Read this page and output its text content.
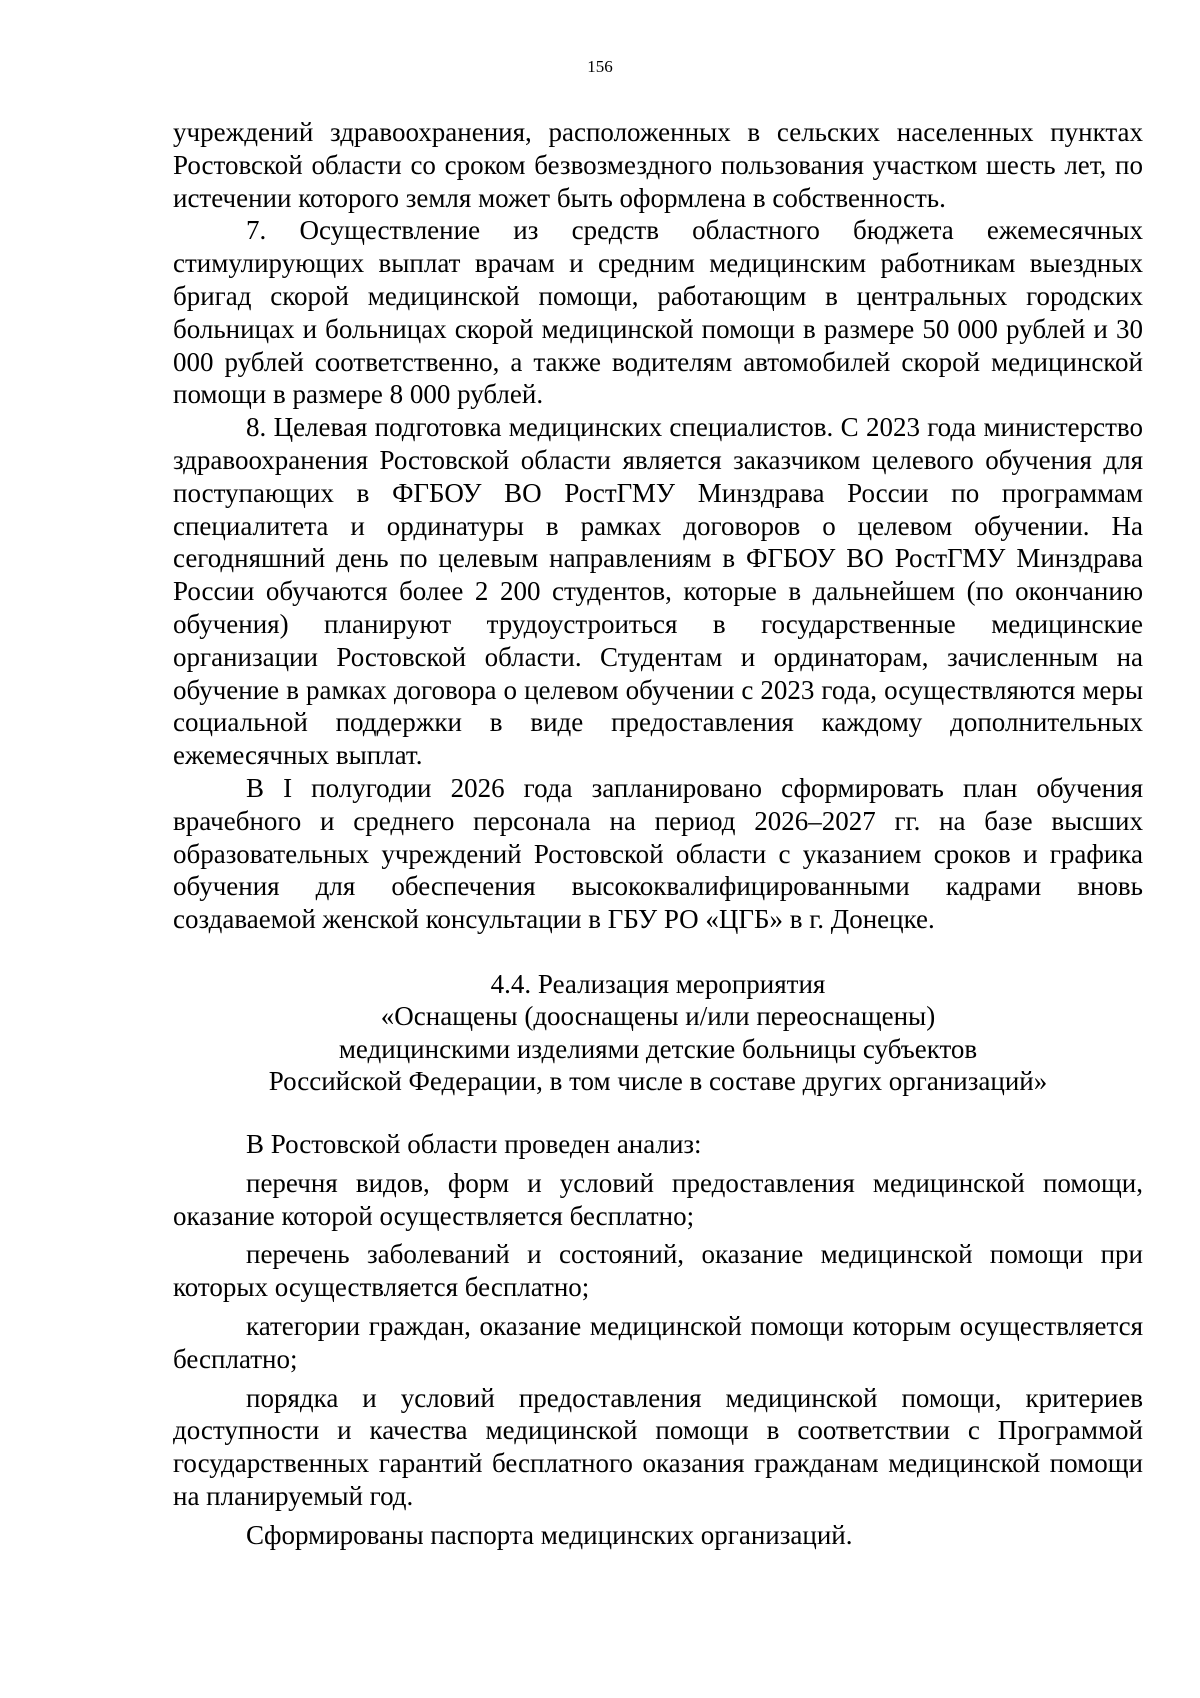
156

учреждений здравоохранения, расположенных в сельских населенных пунктах Ростовской области со сроком безвозмездного пользования участком шесть лет, по истечении которого земля может быть оформлена в собственность.

7. Осуществление из средств областного бюджета ежемесячных стимулирующих выплат врачам и средним медицинским работникам выездных бригад скорой медицинской помощи, работающим в центральных городских больницах и больницах скорой медицинской помощи в размере 50 000 рублей и 30 000 рублей соответственно, а также водителям автомобилей скорой медицинской помощи в размере 8 000 рублей.

8. Целевая подготовка медицинских специалистов. С 2023 года министерство здравоохранения Ростовской области является заказчиком целевого обучения для поступающих в ФГБОУ ВО РостГМУ Минздрава России по программам специалитета и ординатуры в рамках договоров о целевом обучении. На сегодняшний день по целевым направлениям в ФГБОУ ВО РостГМУ Минздрава России обучаются более 2 200 студентов, которые в дальнейшем (по окончанию обучения) планируют трудоустроиться в государственные медицинские организации Ростовской области. Студентам и ординаторам, зачисленным на обучение в рамках договора о целевом обучении с 2023 года, осуществляются меры социальной поддержки в виде предоставления каждому дополнительных ежемесячных выплат.

В I полугодии 2026 года запланировано сформировать план обучения врачебного и среднего персонала на период 2026–2027 гг. на базе высших образовательных учреждений Ростовской области с указанием сроков и графика обучения для обеспечения высококвалифицированными кадрами вновь создаваемой женской консультации в ГБУ РО «ЦГБ» в г. Донецке.

4.4. Реализация мероприятия
«Оснащены (дооснащены и/или переоснащены)
медицинскими изделиями детские больницы субъектов
Российской Федерации, в том числе в составе других организаций»

В Ростовской области проведен анализ:

перечня видов, форм и условий предоставления медицинской помощи, оказание которой осуществляется бесплатно;

перечень заболеваний и состояний, оказание медицинской помощи при которых осуществляется бесплатно;

категории граждан, оказание медицинской помощи которым осуществляется бесплатно;

порядка и условий предоставления медицинской помощи, критериев доступности и качества медицинской помощи в соответствии с Программой государственных гарантий бесплатного оказания гражданам медицинской помощи на планируемый год.

Сформированы паспорта медицинских организаций.
